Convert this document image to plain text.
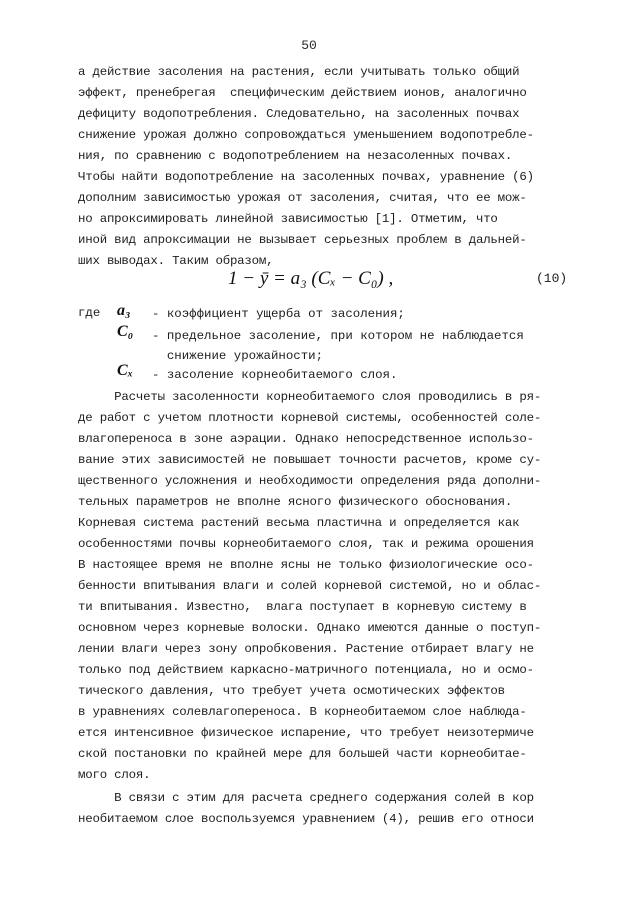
50
а действие засоления на растения, если учитывать только общий
эффект, пренебрегая  специфическим действием ионов, аналогично
дефициту водопотребления. Следовательно, на засоленных почвах
снижение урожая должно сопровождаться уменьшением водопотребле-
ния, по сравнению с водопотреблением на незасоленных почвах.
Чтобы найти водопотребление на засоленных почвах, уравнение (6)
дополним зависимостью урожая от засоления, считая, что ее мож-
но апроксимировать линейной зависимостью [1]. Отметим, что
иной вид апроксимации не вызывает серьезных проблем в дальней-
ших выводах. Таким образом,
1 − ȳ = a₃ (Cₓ − C₀) ,	(10)
где a₃ - коэффициент ущерба от засоления;
C₀ - предельное засоление, при котором не наблюдается
снижение урожайности;
Cₓ - засоление корнеобитаемого слоя.
Расчеты засоленности корнеобитаемого слоя проводились в ря-
де работ с учетом плотности корневой системы, особенностей соле-
влагопереноса в зоне аэрации. Однако непосредственное использо-
вание этих зависимостей не повышает точности расчетов, кроме су-
щественного усложнения и необходимости определения ряда дополни-
тельных параметров не вполне ясного физического обоснования.
Корневая система растений весьма пластична и определяется как
особенностями почвы корнеобитаемого слоя, так и режима орошения
В настоящее время не вполне ясны не только физиологические осо-
бенности впитывания влаги и солей корневой системой, но и облас-
ти впитывания. Известно,  влага поступает в корневую систему в
основном через корневые волоски. Однако имеются данные о поступ-
лении влаги через зону опробковения. Растение отбирает влагу не
только под действием каркасно-матричного потенциала, но и осмо-
тического давления, что требует учета осмотических эффектов
в уравнениях солевлагопереноса. В корнеобитаемом слое наблюда-
ется интенсивное физическое испарение, что требует неизотермиче
ской постановки по крайней мере для большей части корнеобитае-
мого слоя.
В связи с этим для расчета среднего содержания солей в кор
необитаемом слое воспользуемся уравнением (4), решив его относи
